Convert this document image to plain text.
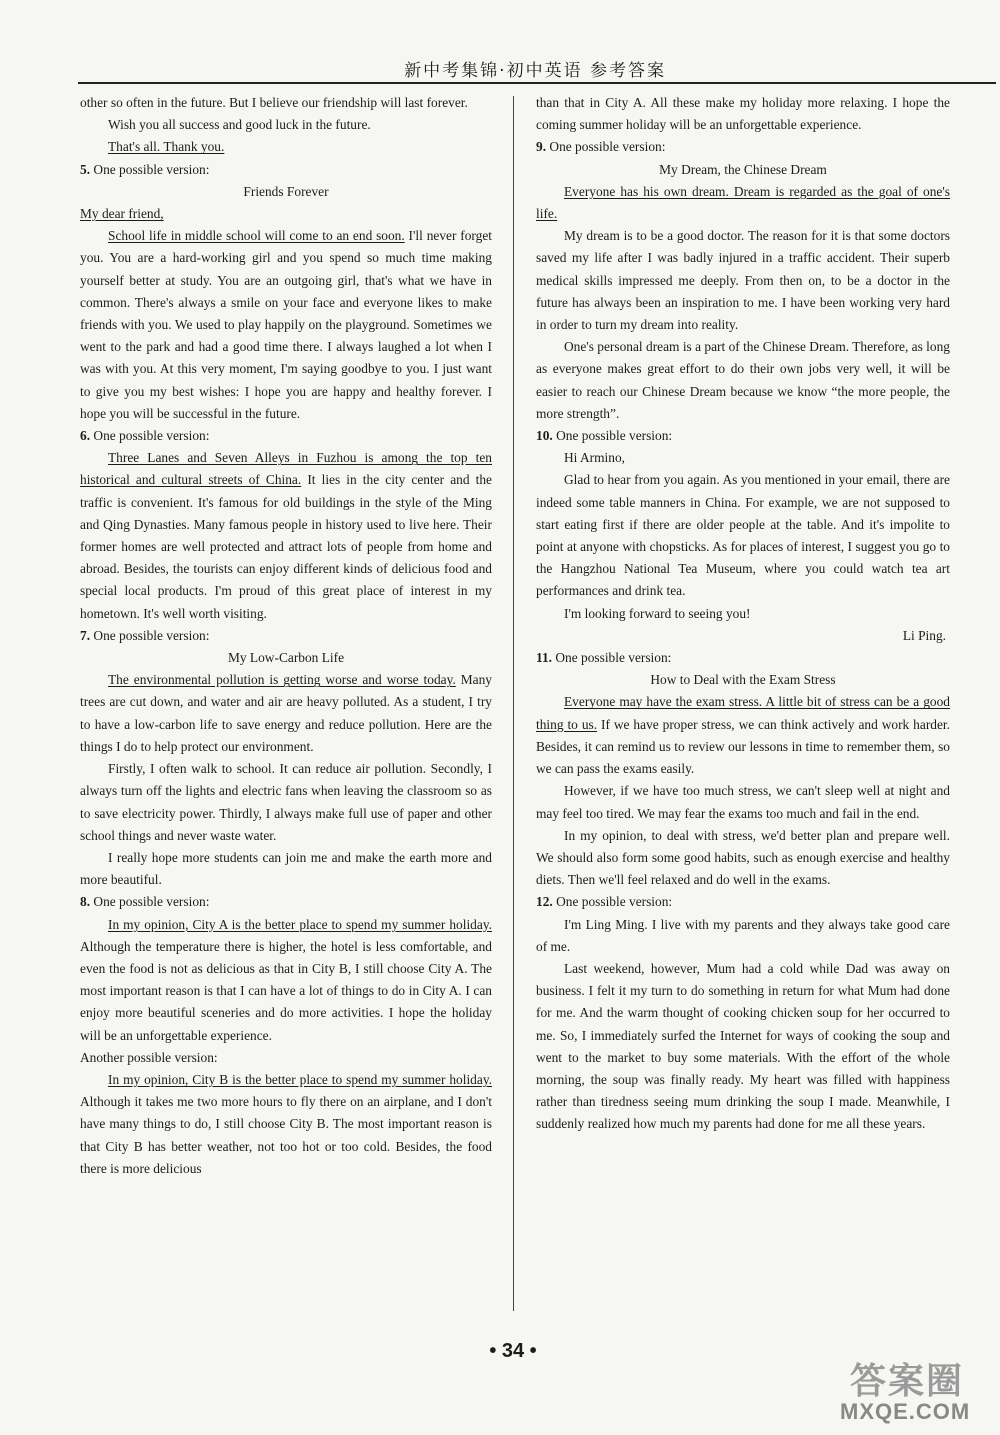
新中考集锦·初中英语 参考答案

other so often in the future. But I believe our friendship will last forever.

Wish you all success and good luck in the future.

That's all. Thank you.

5. One possible version:

Friends Forever

My dear friend,

School life in middle school will come to an end soon. I'll never forget you. You are a hard-working girl and you spend so much time making yourself better at study. You are an outgoing girl, that's what we have in common. There's always a smile on your face and everyone likes to make friends with you. We used to play happily on the playground. Sometimes we went to the park and had a good time there. I always laughed a lot when I was with you. At this very moment, I'm saying goodbye to you. I just want to give you my best wishes: I hope you are happy and healthy forever. I hope you will be successful in the future.

6. One possible version:

Three Lanes and Seven Alleys in Fuzhou is among the top ten historical and cultural streets of China. It lies in the city center and the traffic is convenient. It's famous for old buildings in the style of the Ming and Qing Dynasties. Many famous people in history used to live here. Their former homes are well protected and attract lots of people from home and abroad. Besides, the tourists can enjoy different kinds of delicious food and special local products. I'm proud of this great place of interest in my hometown. It's well worth visiting.

7. One possible version:

My Low-Carbon Life

The environmental pollution is getting worse and worse today. Many trees are cut down, and water and air are heavy polluted. As a student, I try to have a low-carbon life to save energy and reduce pollution. Here are the things I do to help protect our environment.

Firstly, I often walk to school. It can reduce air pollution. Secondly, I always turn off the lights and electric fans when leaving the classroom so as to save electricity power. Thirdly, I always make full use of paper and other school things and never waste water.

I really hope more students can join me and make the earth more and more beautiful.

8. One possible version:

In my opinion, City A is the better place to spend my summer holiday. Although the temperature there is higher, the hotel is less comfortable, and even the food is not as delicious as that in City B, I still choose City A. The most important reason is that I can have a lot of things to do in City A. I can enjoy more beautiful sceneries and do more activities. I hope the holiday will be an unforgettable experience.

Another possible version:

In my opinion, City B is the better place to spend my summer holiday. Although it takes me two more hours to fly there on an airplane, and I don't have many things to do, I still choose City B. The most important reason is that City B has better weather, not too hot or too cold. Besides, the food there is more delicious

than that in City A. All these make my holiday more relaxing. I hope the coming summer holiday will be an unforgettable experience.

9. One possible version:

My Dream, the Chinese Dream

Everyone has his own dream. Dream is regarded as the goal of one's life.

My dream is to be a good doctor. The reason for it is that some doctors saved my life after I was badly injured in a traffic accident. Their superb medical skills impressed me deeply. From then on, to be a doctor in the future has always been an inspiration to me. I have been working very hard in order to turn my dream into reality.

One's personal dream is a part of the Chinese Dream. Therefore, as long as everyone makes great effort to do their own jobs very well, it will be easier to reach our Chinese Dream because we know “the more people, the more strength”.

10. One possible version:

Hi Armino,

Glad to hear from you again. As you mentioned in your email, there are indeed some table manners in China. For example, we are not supposed to start eating first if there are older people at the table. And it's impolite to point at anyone with chopsticks. As for places of interest, I suggest you go to the Hangzhou National Tea Museum, where you could watch tea art performances and drink tea.

I'm looking forward to seeing you!

Li Ping.

11. One possible version:

How to Deal with the Exam Stress

Everyone may have the exam stress. A little bit of stress can be a good thing to us. If we have proper stress, we can think actively and work harder. Besides, it can remind us to review our lessons in time to remember them, so we can pass the exams easily.

However, if we have too much stress, we can't sleep well at night and may feel too tired. We may fear the exams too much and fail in the end.

In my opinion, to deal with stress, we'd better plan and prepare well. We should also form some good habits, such as enough exercise and healthy diets. Then we'll feel relaxed and do well in the exams.

12. One possible version:

I'm Ling Ming. I live with my parents and they always take good care of me.

Last weekend, however, Mum had a cold while Dad was away on business. I felt it my turn to do something in return for what Mum had done for me. And the warm thought of cooking chicken soup for her occurred to me. So, I immediately surfed the Internet for ways of cooking the soup and went to the market to buy some materials. With the effort of the whole morning, the soup was finally ready. My heart was filled with happiness rather than tiredness seeing mum drinking the soup I made. Meanwhile, I suddenly realized how much my parents had done for me all these years.

• 34 •
答案圈
MXQE.COM
